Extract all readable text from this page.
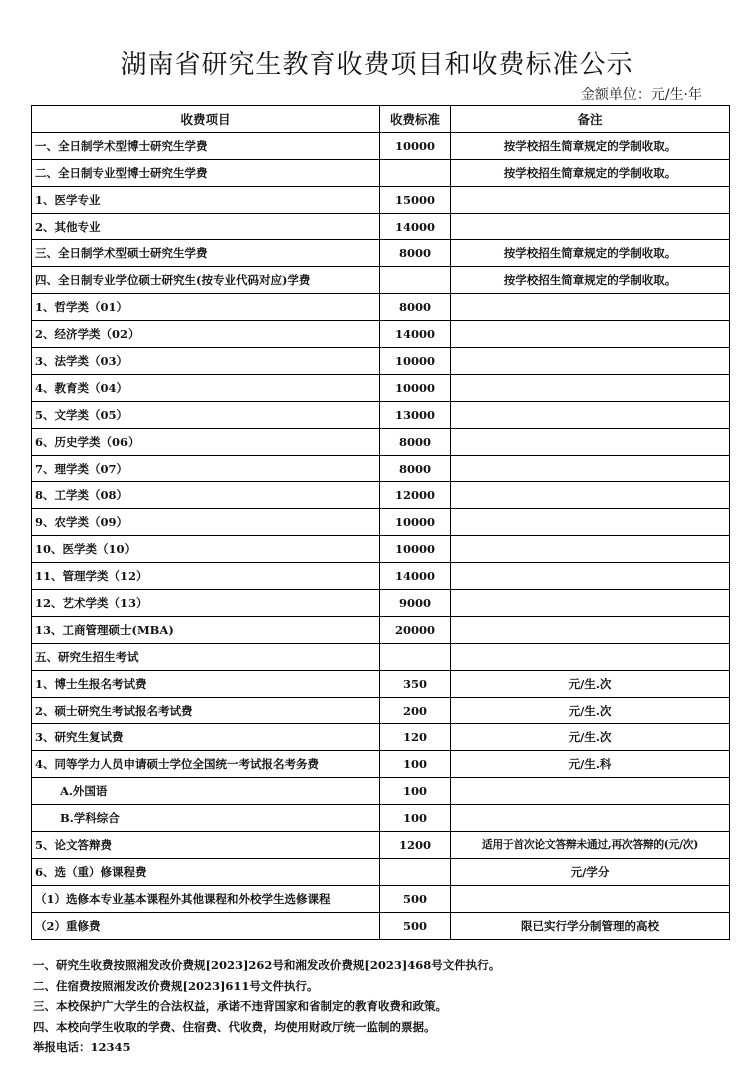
湖南省研究生教育收费项目和收费标准公示
金额单位：元/生·年
收费项目	收费标准	备注
一、全日制学术型博士研究生学费	10000	按学校招生简章规定的学制收取。
二、全日制专业型博士研究生学费		按学校招生简章规定的学制收取。
1、医学专业	15000	
2、其他专业	14000	
三、全日制学术型硕士研究生学费	8000	按学校招生简章规定的学制收取。
四、全日制专业学位硕士研究生(按专业代码对应)学费		按学校招生简章规定的学制收取。
1、哲学类（01）	8000	
2、经济学类（02）	14000	
3、法学类（03）	10000	
4、教育类（04）	10000	
5、文学类（05）	13000	
6、历史学类（06）	8000	
7、理学类（07）	8000	
8、工学类（08）	12000	
9、农学类（09）	10000	
10、医学类（10）	10000	
11、管理学类（12）	14000	
12、艺术学类（13）	9000	
13、工商管理硕士(MBA)	20000	
五、研究生招生考试		
1、博士生报名考试费	350	元/生.次
2、硕士研究生考试报名考试费	200	元/生.次
3、研究生复试费	120	元/生.次
4、同等学力人员申请硕士学位全国统一考试报名考务费	100	元/生.科
A.外国语	100	
B.学科综合	100	
5、论文答辩费	1200	适用于首次论文答辩未通过,再次答辩的(元/次)
6、选（重）修课程费		元/学分
（1）选修本专业基本课程外其他课程和外校学生选修课程	500	
（2）重修费	500	限已实行学分制管理的高校

一、研究生收费按照湘发改价费规[2023]262号和湘发改价费规[2023]468号文件执行。

二、住宿费按照湘发改价费规[2023]611号文件执行。

三、本校保护广大学生的合法权益，承诺不违背国家和省制定的教育收费和政策。

四、本校向学生收取的学费、住宿费、代收费，均使用财政厅统一监制的票据。

举报电话：12345
